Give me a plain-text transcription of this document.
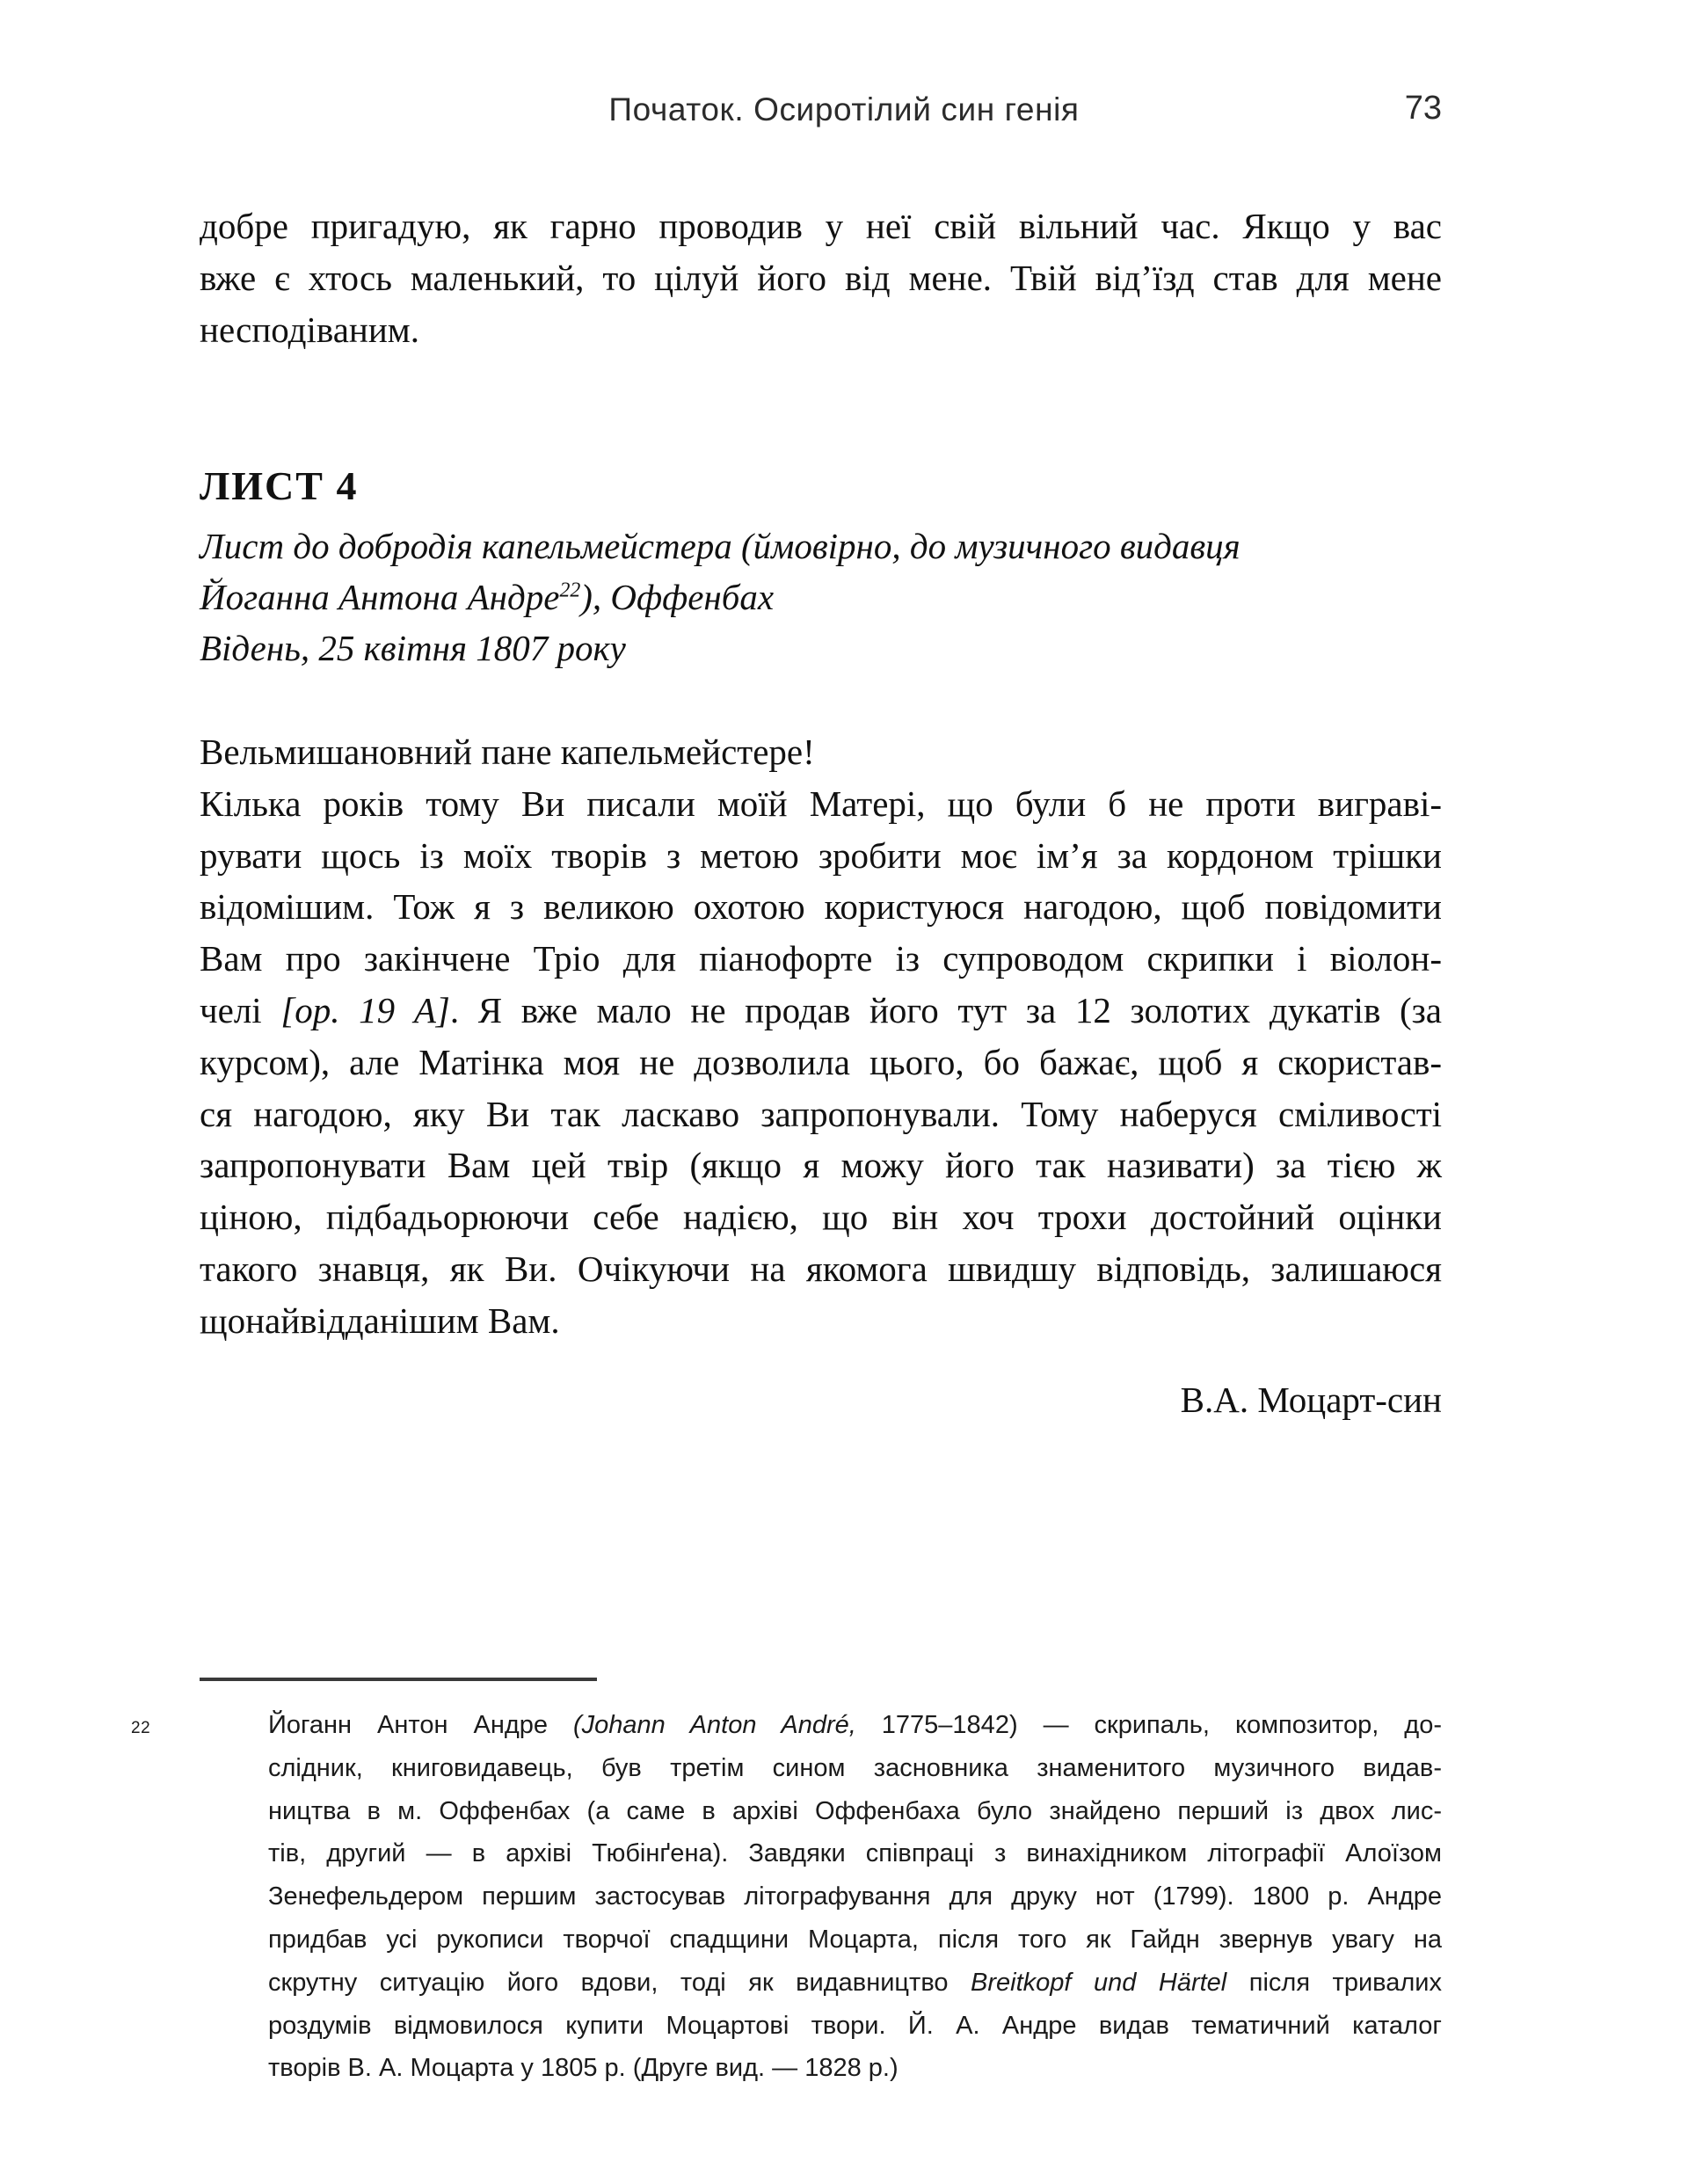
Початок. Осиротілий син генія	73
добре пригадую, як гарно проводив у неї свій вільний час. Якщо у вас
вже є хтось маленький, то цілуй його від мене. Твій від’їзд став для мене
несподіваним.
ЛИСТ 4
Лист до добродія капельмейстера (ймовірно, до музичного видавця
Йоганна Антона Андре$^{22}$), Оффенбах
Відень, 25 квітня 1807 року
Вельмишановний пане капельмейстере!
Кілька років тому Ви писали моїй Матері, що були б не проти виграві-
рувати щось із моїх творів з метою зробити моє ім’я за кордоном трішки
відомішим. Тож я з великою охотою користуюся нагодою, щоб повідомити
Вам про закінчене Тріо для піанофорте із супроводом скрипки і віолон-
челі [ор. 19 А]. Я вже мало не продав його тут за 12 золотих дукатів (за
курсом), але Матінка моя не дозволила цього, бо бажає, щоб я скористав-
ся нагодою, яку Ви так ласкаво запропонували. Тому наберуся сміливості
запропонувати Вам цей твір (якщо я можу його так називати) за тією ж
ціною, підбадьорюючи себе надією, що він хоч трохи достойний оцінки
такого знавця, як Ви. Очікуючи на якомога швидшу відповідь, залишаюся
щонайвідданішим Вам.
В.А. Моцарт-син
22	Йоганн Антон Андре (Johann Anton André, 1775–1842) — скрипаль, композитор, до-
слідник, книговидавець, був третім сином засновника знаменитого музичного видав-
ництва в м. Оффенбах (а саме в архіві Оффенбаха було знайдено перший із двох лис-
тів, другий — в архіві Тюбінґена). Завдяки співпраці з винахідником літографії Алоїзом
Зенефельдером першим застосував літографування для друку нот (1799). 1800 р. Андре
придбав усі рукописи творчої спадщини Моцарта, після того як Гайдн звернув увагу на
скрутну ситуацію його вдови, тоді як видавництво Breitkopf und Härtel після тривалих
роздумів відмовилося купити Моцартові твори. Й. А. Андре видав тематичний каталог
творів В. А. Моцарта у 1805 р. (Друге вид. — 1828 р.)
